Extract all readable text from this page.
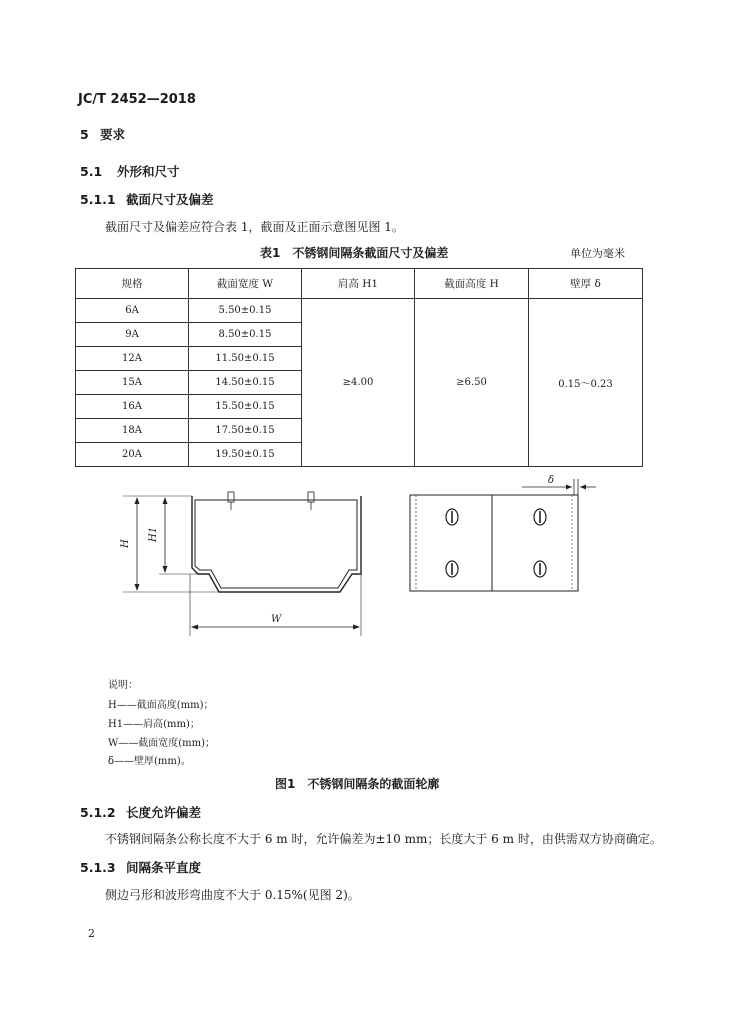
JC/T 2452—2018
5 要求
5.1 外形和尺寸
5.1.1 截面尺寸及偏差
截面尺寸及偏差应符合表 1，截面及正面示意图见图 1。
表1　不锈钢间隔条截面尺寸及偏差	单位为毫米
规格	截面宽度 W	肩高 H1	截面高度 H	壁厚 δ
6A	5.50±0.15	≥4.00	≥6.50	0.15～0.23
9A	8.50±0.15			
12A	11.50±0.15			
15A	14.50±0.15			
16A	15.50±0.15			
18A	17.50±0.15			
20A	19.50±0.15			
H
H1
W
δ
说明：
H——截面高度(mm)；
H1——肩高(mm)；
W——截面宽度(mm)；
δ——壁厚(mm)。
图1　不锈钢间隔条的截面轮廓
5.1.2 长度允许偏差
不锈钢间隔条公称长度不大于 6 m 时，允许偏差为±10 mm；长度大于 6 m 时，由供需双方协商确定。
5.1.3 间隔条平直度
侧边弓形和波形弯曲度不大于 0.15%(见图 2)。
2
